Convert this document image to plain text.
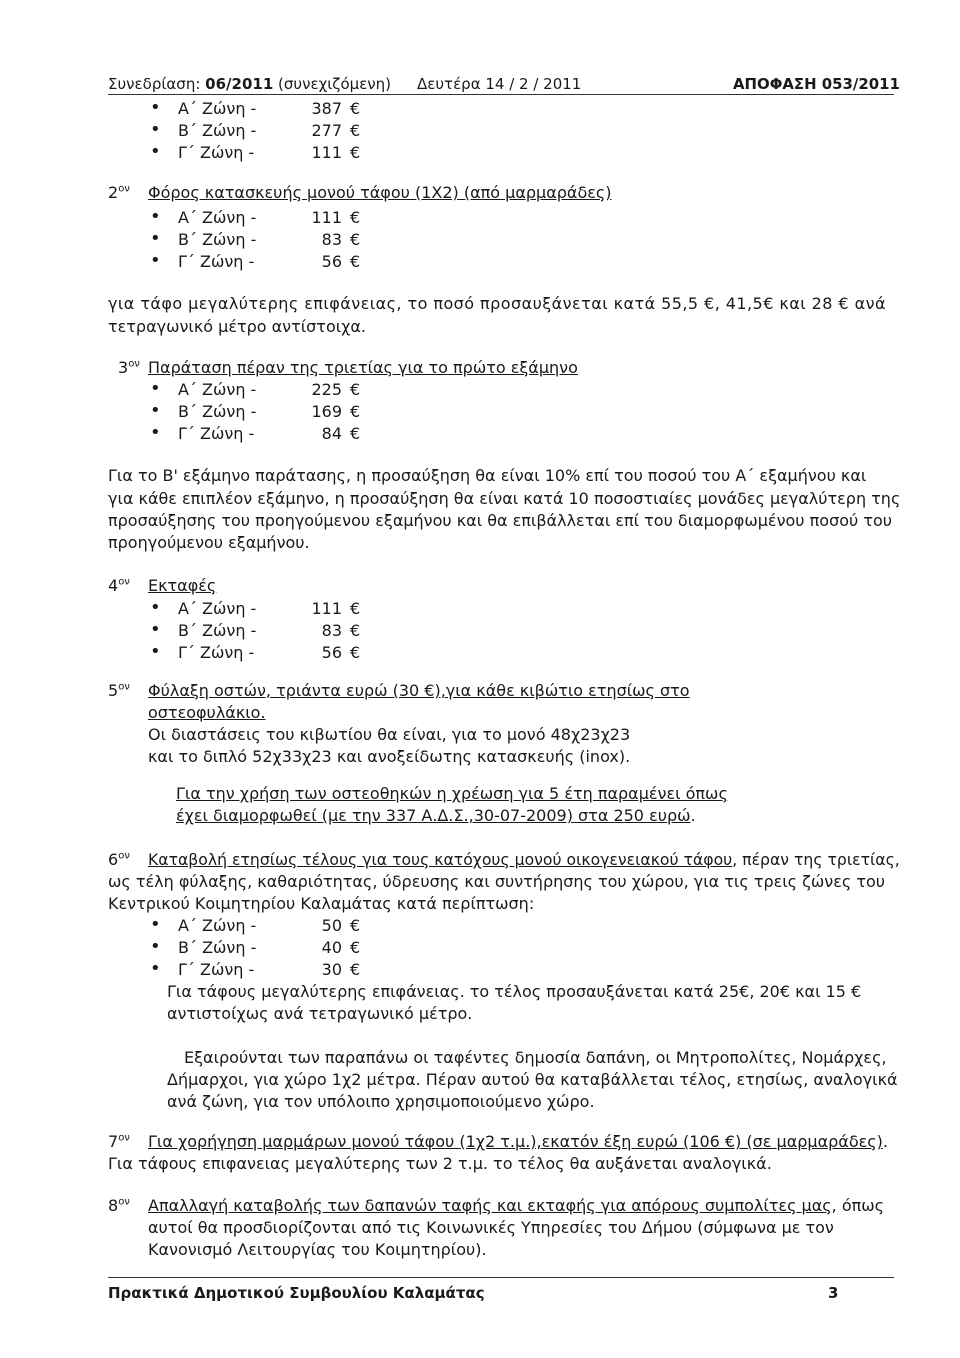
Συνεδρίαση: 06/2011 (συνεχιζόμενη) Δευτέρα 14 / 2 / 2011	ΑΠΟΦΑΣΗ 053/2011
• Α΄ Ζώνη -	387 €
• Β΄ Ζώνη -	277 €
• Γ΄ Ζώνη -	111 €
$2^{o\nu}$ Φόρος κατασκευής μονού τάφου (1Χ2) (από μαρμαράδες)
• Α΄ Ζώνη -	111 €
• Β΄ Ζώνη -	83 €
• Γ΄ Ζώνη -	56 €
για τάφο μεγαλύτερης επιφάνειας, το ποσό προσαυξάνεται κατά 55,5 €, 41,5€ και 28 € ανά
τετραγωνικό μέτρο αντίστοιχα.
$3^{o\nu}$ Παράταση πέραν της τριετίας για το πρώτο εξάμηνο
• Α΄ Ζώνη -	225 €
• Β΄ Ζώνη -	169 €
• Γ΄ Ζώνη -	84 €
Για το Β' εξάμηνο παράτασης, η προσαύξηση θα είναι 10% επί του ποσού του Α΄ εξαμήνου και
για κάθε επιπλέον εξάμηνο, η προσαύξηση θα είναι κατά 10 ποσοστιαίες μονάδες μεγαλύτερη της
προσαύξησης του προηγούμενου εξαμήνου και θα επιβάλλεται επί του διαμορφωμένου ποσού του
προηγούμενου εξαμήνου.
$4^{o\nu}$ Εκταφές
• Α΄ Ζώνη -	111 €
• Β΄ Ζώνη -	83 €
• Γ΄ Ζώνη -	56 €
$5^{o\nu}$ Φύλαξη οστών, τριάντα ευρώ (30 €),για κάθε κιβώτιο ετησίως στο
οστεοφυλάκιο.
Οι διαστάσεις του κιβωτίου θα είναι, για το μονό 48χ23χ23
και το διπλό 52χ33χ23 και ανοξείδωτης κατασκευής (inox).
Για την χρήση των οστεοθηκών η χρέωση για 5 έτη παραμένει όπως
έχει διαμορφωθεί (με την 337 Α.Δ.Σ.,30-07-2009) στα 250 ευρώ.
$6^{o\nu}$ Καταβολή ετησίως τέλους για τους κατόχους μονού οικογενειακού τάφου, πέραν της τριετίας,
ως τέλη φύλαξης, καθαριότητας, ύδρευσης και συντήρησης του χώρου, για τις τρεις ζώνες του
Κεντρικού Κοιμητηρίου Καλαμάτας κατά περίπτωση:
• Α΄ Ζώνη -	50 €
• Β΄ Ζώνη -	40 €
• Γ΄ Ζώνη -	30 €
Για τάφους μεγαλύτερης επιφάνειας. το τέλος προσαυξάνεται κατά 25€, 20€ και 15 €
αντιστοίχως ανά τετραγωνικό μέτρο.
Εξαιρούνται των παραπάνω οι ταφέντες δημοσία δαπάνη, οι Μητροπολίτες, Νομάρχες,
Δήμαρχοι, για χώρο 1χ2 μέτρα. Πέραν αυτού θα καταβάλλεται τέλος, ετησίως, αναλογικά
ανά ζώνη, για τον υπόλοιπο χρησιμοποιούμενο χώρο.
$7^{o\nu}$ Για χορήγηση μαρμάρων μονού τάφου (1χ2 τ.μ.),εκατόν έξη ευρώ (106 €) (σε μαρμαράδες).
Για τάφους επιφανειας μεγαλύτερης των 2 τ.μ. το τέλος θα αυξάνεται αναλογικά.
$8^{o\nu}$ Απαλλαγή καταβολής των δαπανών ταφής και εκταφής για απόρους συμπολίτες μας, όπως
αυτοί θα προσδιορίζονται από τις Κοινωνικές Υπηρεσίες του Δήμου (σύμφωνα με τον
Κανονισμό Λειτουργίας του Κοιμητηρίου).
Πρακτικά Δημοτικού Συμβουλίου Καλαμάτας	3
